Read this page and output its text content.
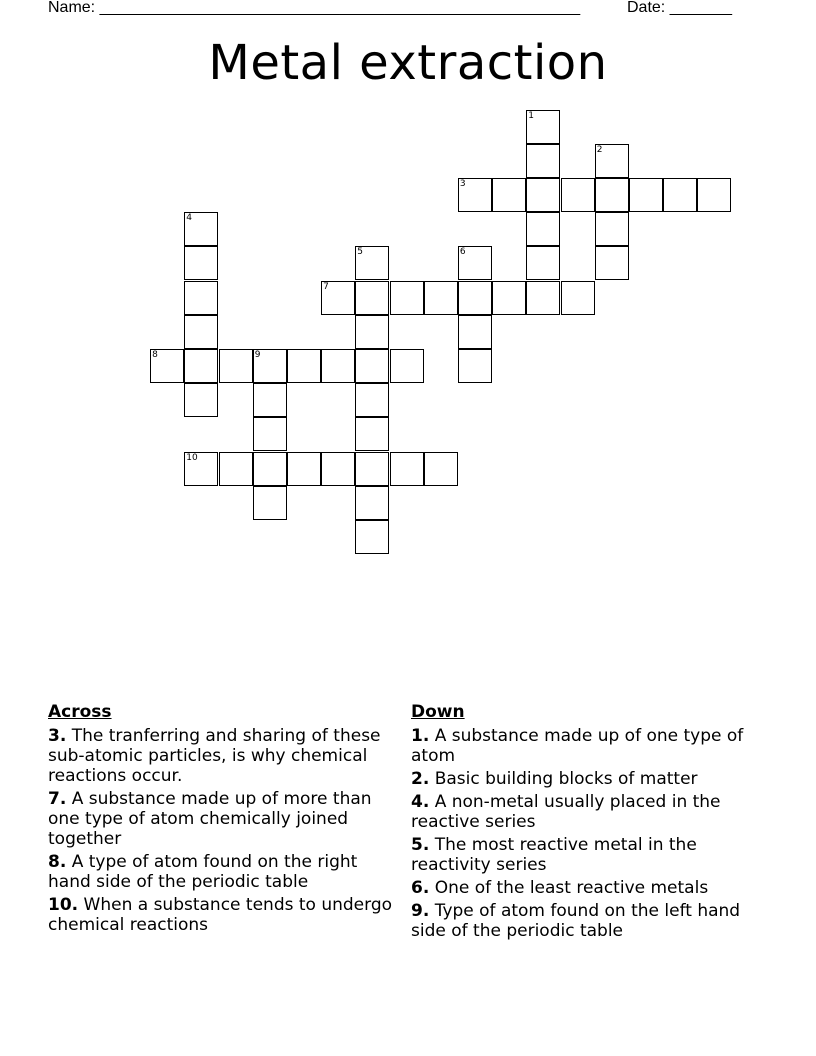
Name: ______________________________________________________	Date: _______
Metal extraction
1
2
3
4
5	6
7
8	9
10
Across
3. The tranferring and sharing of these sub-atomic particles, is why chemical reactions occur.
7. A substance made up of more than one type of atom chemically joined together
8. A type of atom found on the right hand side of the periodic table
10. When a substance tends to undergo chemical reactions
Down
1. A substance made up of one type of atom
2. Basic building blocks of matter
4. A non-metal usually placed in the reactive series
5. The most reactive metal in the reactivity series
6. One of the least reactive metals
9. Type of atom found on the left hand side of the periodic table
